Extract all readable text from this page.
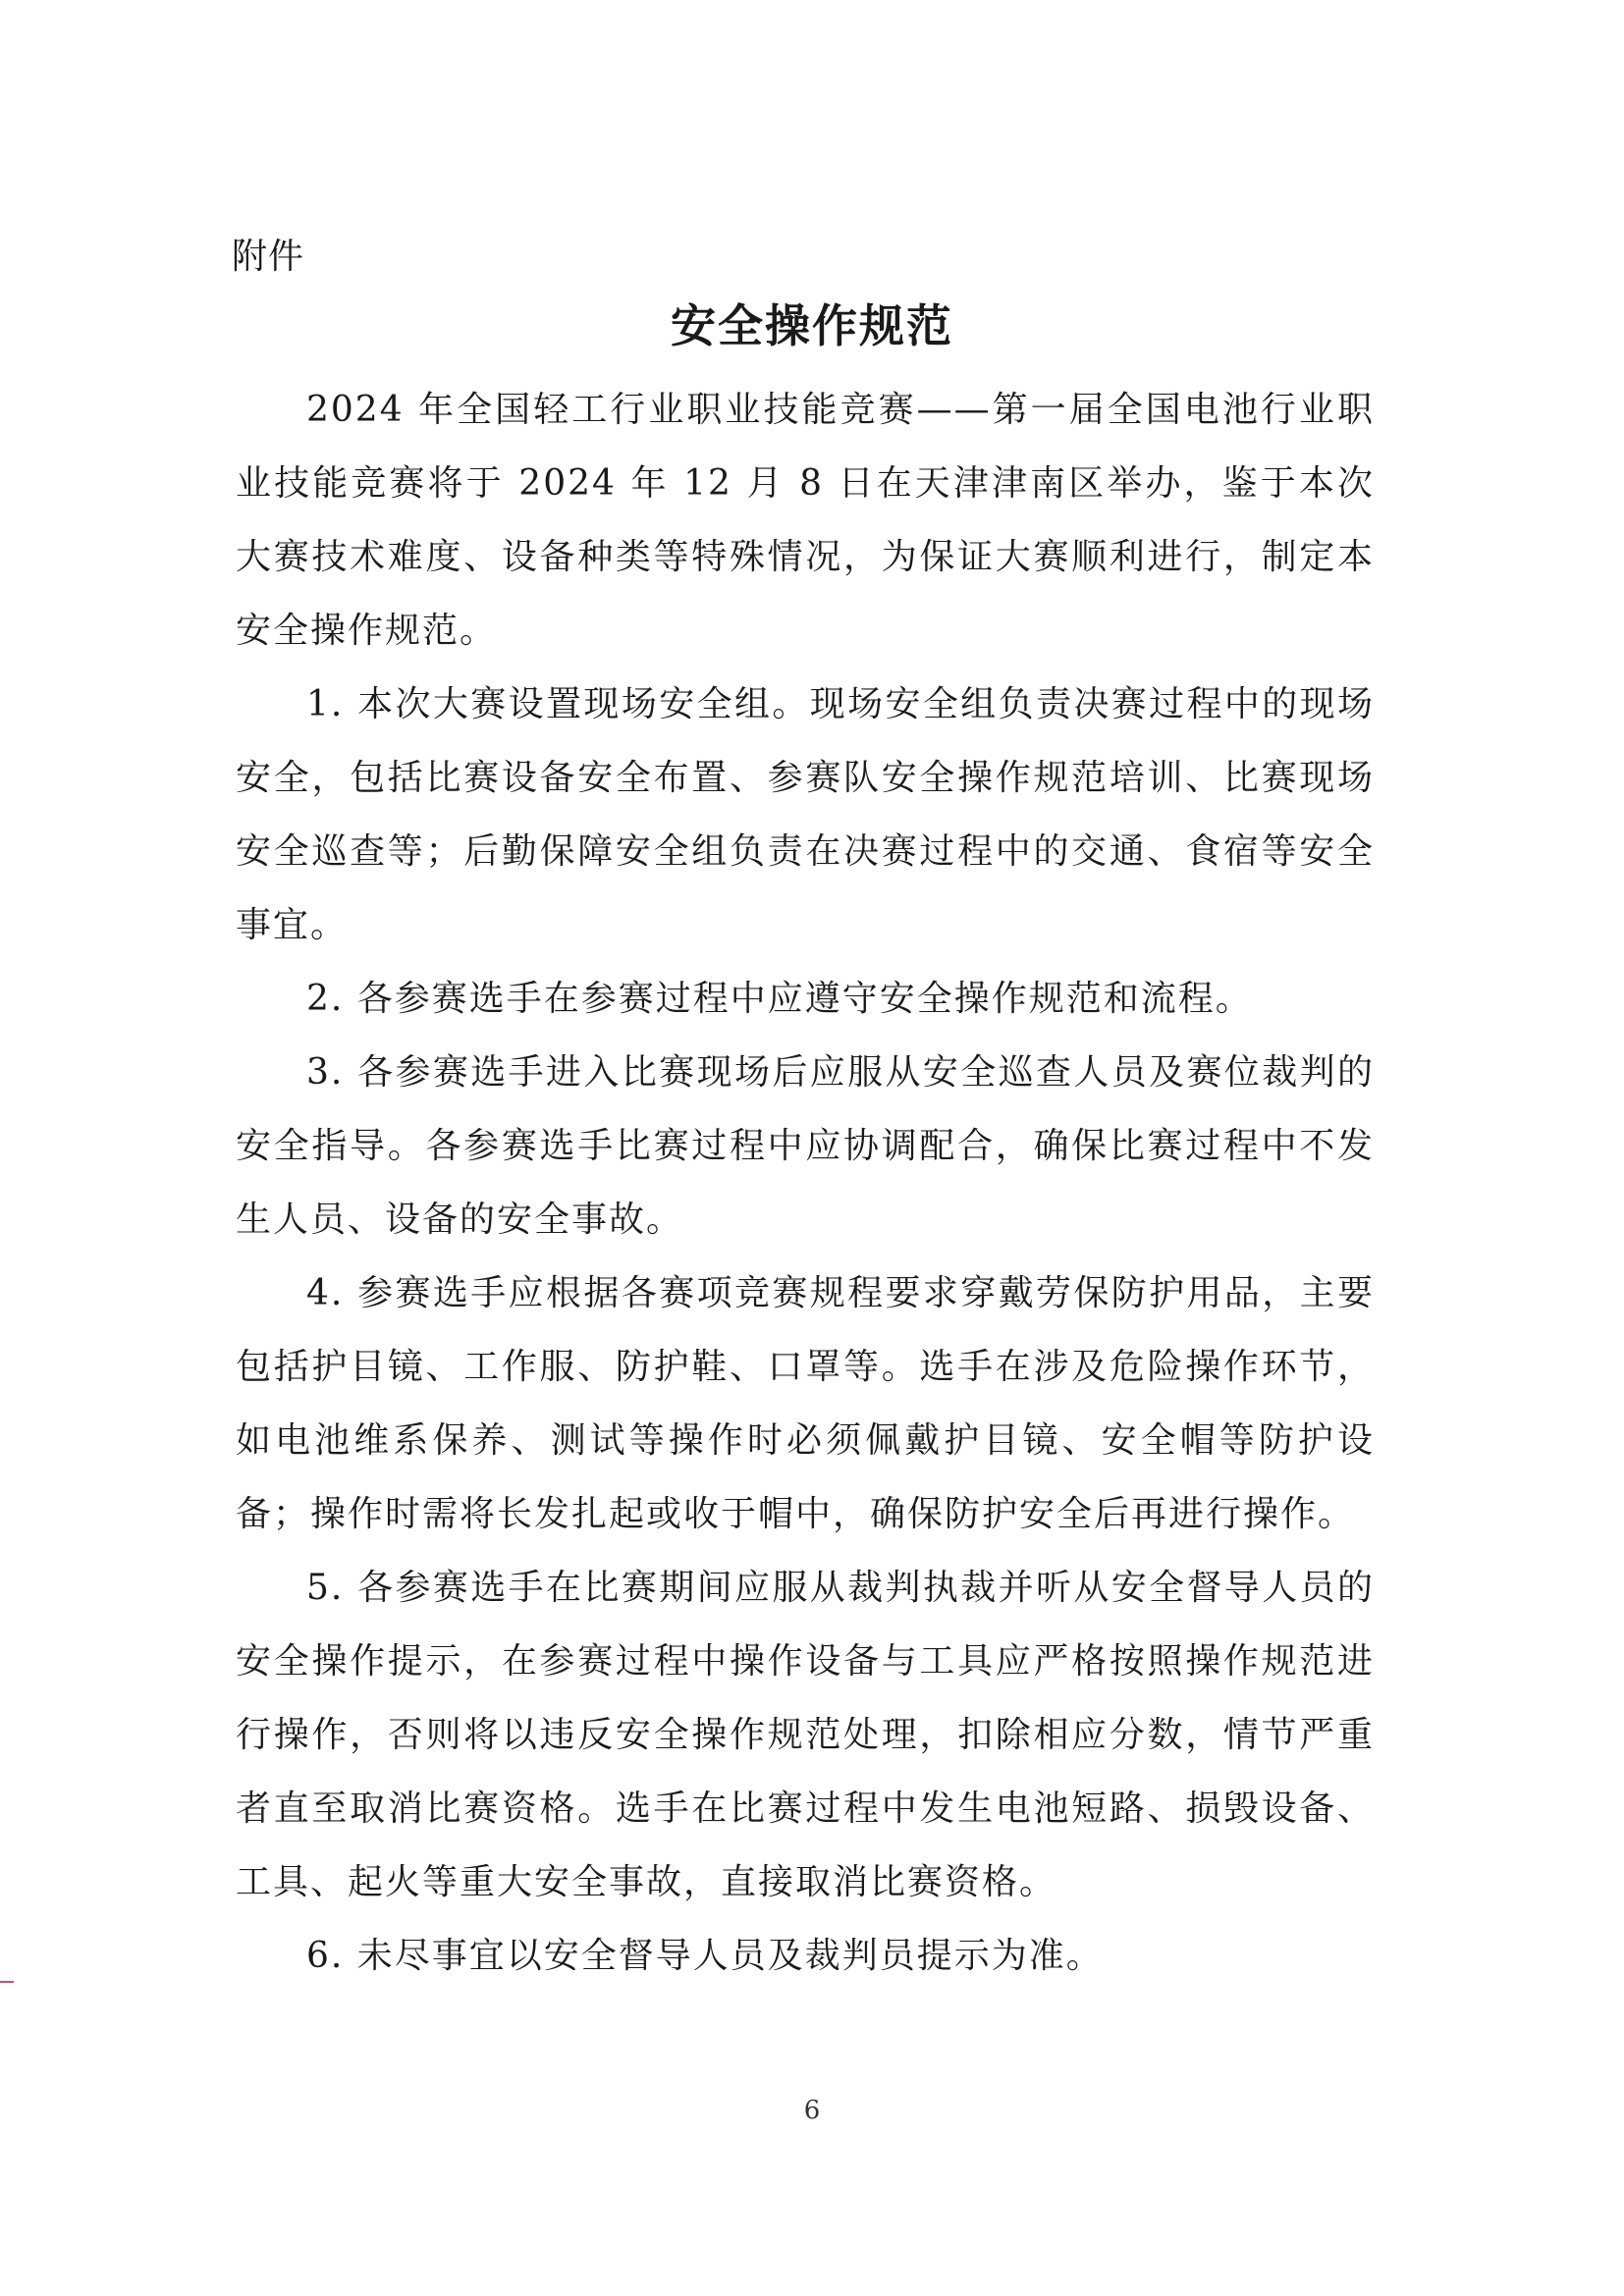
附件
安全操作规范

2024 年全国轻工行业职业技能竞赛——第一届全国电池行业职业技能竞赛将于 2024 年 12 月 8 日在天津津南区举办，鉴于本次大赛技术难度、设备种类等特殊情况，为保证大赛顺利进行，制定本安全操作规范。

1. 本次大赛设置现场安全组。现场安全组负责决赛过程中的现场安全，包括比赛设备安全布置、参赛队安全操作规范培训、比赛现场安全巡查等；后勤保障安全组负责在决赛过程中的交通、食宿等安全事宜。

2. 各参赛选手在参赛过程中应遵守安全操作规范和流程。

3. 各参赛选手进入比赛现场后应服从安全巡查人员及赛位裁判的安全指导。各参赛选手比赛过程中应协调配合，确保比赛过程中不发生人员、设备的安全事故。

4. 参赛选手应根据各赛项竞赛规程要求穿戴劳保防护用品，主要包括护目镜、工作服、防护鞋、口罩等。选手在涉及危险操作环节，如电池维系保养、测试等操作时必须佩戴护目镜、安全帽等防护设备；操作时需将长发扎起或收于帽中，确保防护安全后再进行操作。

5. 各参赛选手在比赛期间应服从裁判执裁并听从安全督导人员的安全操作提示，在参赛过程中操作设备与工具应严格按照操作规范进行操作，否则将以违反安全操作规范处理，扣除相应分数，情节严重者直至取消比赛资格。选手在比赛过程中发生电池短路、损毁设备、工具、起火等重大安全事故，直接取消比赛资格。

6. 未尽事宜以安全督导人员及裁判员提示为准。

6
